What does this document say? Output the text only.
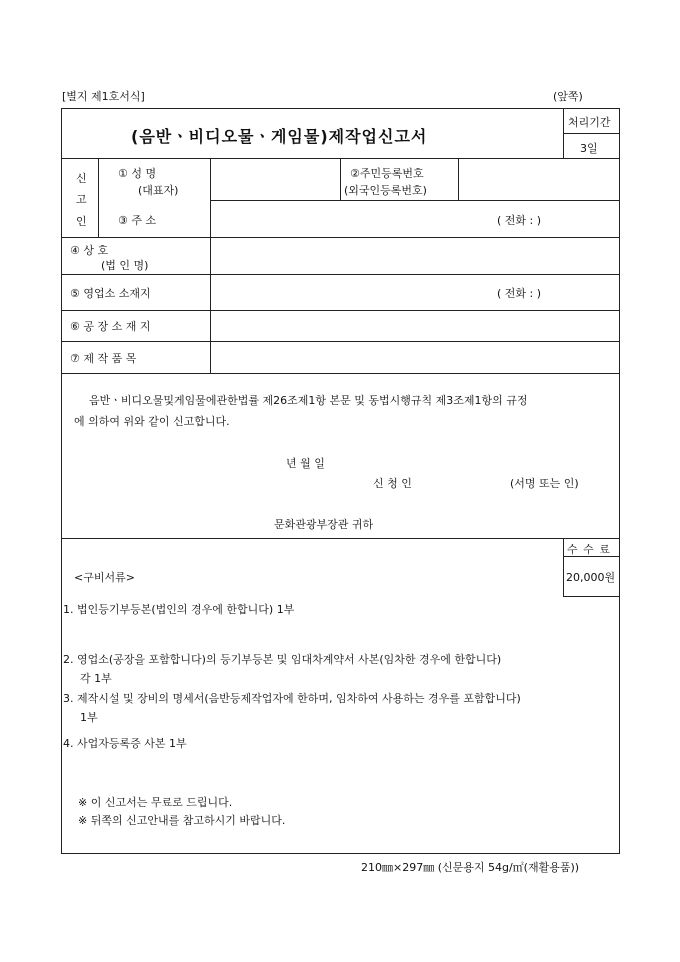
[별지 제1호서식]	(앞쪽)
(음반ㆍ비디오물ㆍ게임물)제작업신고서
처리기간
3일
신
고
인
① 성 명
(대표자)
②주민등록번호
(외국인등록번호)
③ 주 소	( 전화 : )
④ 상 호
(법 인 명)
⑤ 영업소 소재지	( 전화 : )
⑥ 공 장 소 재 지
⑦ 제 작 품 목
음반ㆍ비디오물및게임물에관한법률 제26조제1항 본문 및 동법시행규칙 제3조제1항의 규정
에 의하여 위와 같이 신고합니다.
년 월 일
신 청 인	(서명 또는 인)
문화관광부장관 귀하
수 수 료
20,000원
<구비서류>
1. 법인등기부등본(법인의 경우에 한합니다) 1부
2. 영업소(공장을 포함합니다)의 등기부등본 및 임대차계약서 사본(임차한 경우에 한합니다)
각 1부
3. 제작시설 및 장비의 명세서(음반등제작업자에 한하며, 임차하여 사용하는 경우를 포함합니다)
1부
4. 사업자등록증 사본 1부
※ 이 신고서는 무료로 드립니다.
※ 뒤쪽의 신고안내를 참고하시기 바랍니다.
210㎜×297㎜ (신문용지 54g/㎡(재활용품))
